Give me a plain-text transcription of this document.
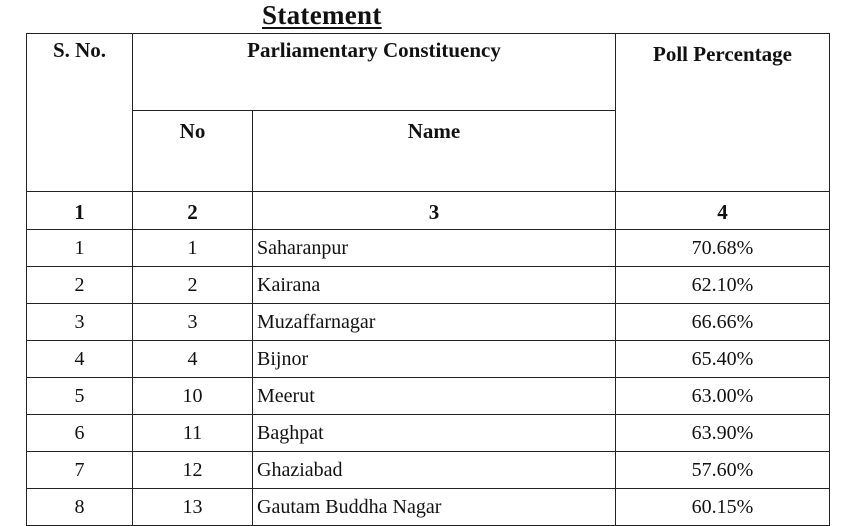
Statement
S. No.	Parliamentary Constituency		Poll Percentage
	No	Name	
1	2	3	4
1	1	Saharanpur	70.68%
2	2	Kairana	62.10%
3	3	Muzaffarnagar	66.66%
4	4	Bijnor	65.40%
5	10	Meerut	63.00%
6	11	Baghpat	63.90%
7	12	Ghaziabad	57.60%
8	13	Gautam Buddha Nagar	60.15%
